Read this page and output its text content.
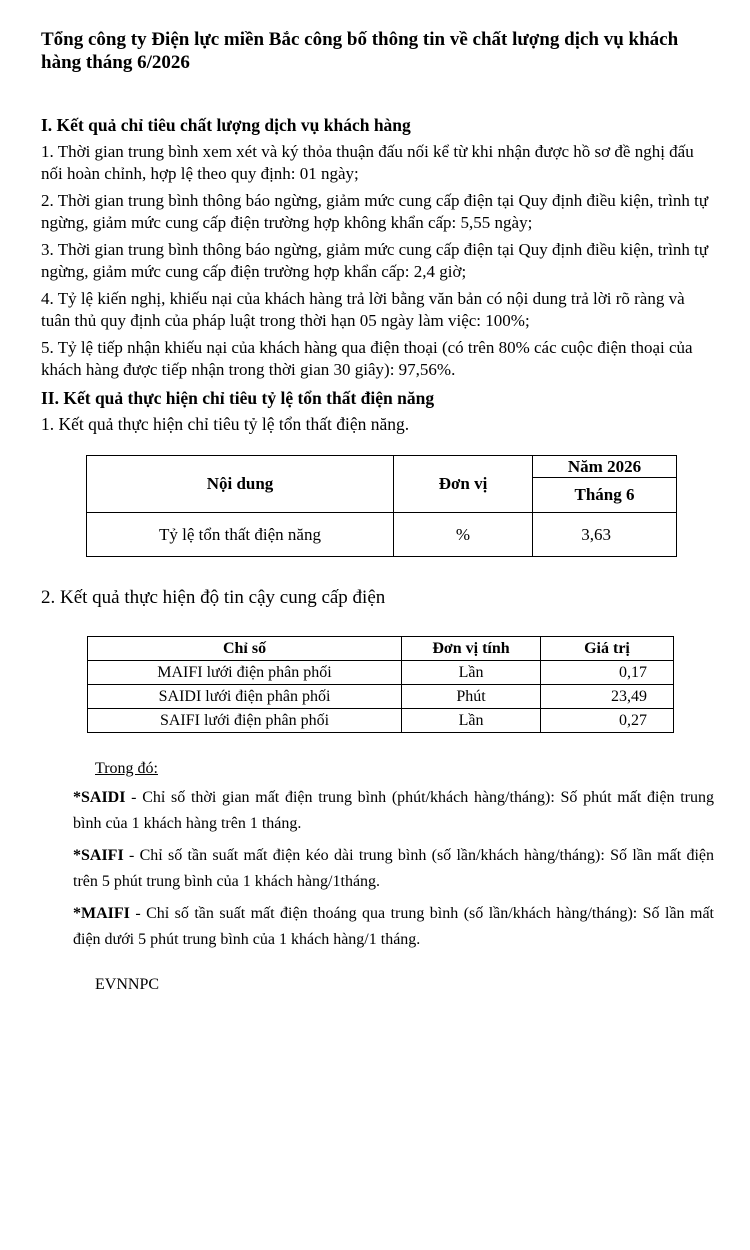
Tổng công ty Điện lực miền Bắc công bố thông tin về chất lượng dịch vụ khách hàng tháng 6/2026
I. Kết quả chỉ tiêu chất lượng dịch vụ khách hàng
1. Thời gian trung bình xem xét và ký thỏa thuận đấu nối kể từ khi nhận được hồ sơ đề nghị đấu nối hoàn chỉnh, hợp lệ theo quy định: 01 ngày;
2. Thời gian trung bình thông báo ngừng, giảm mức cung cấp điện tại Quy định điều kiện, trình tự ngừng, giảm mức cung cấp điện trường hợp không khẩn cấp: 5,55 ngày;
3. Thời gian trung bình thông báo ngừng, giảm mức cung cấp điện tại Quy định điều kiện, trình tự ngừng, giảm mức cung cấp điện trường hợp khẩn cấp: 2,4 giờ;
4. Tỷ lệ kiến nghị, khiếu nại của khách hàng trả lời bằng văn bản có nội dung trả lời rõ ràng và tuân thủ quy định của pháp luật trong thời hạn 05 ngày làm việc: 100%;
5. Tỷ lệ tiếp nhận khiếu nại của khách hàng qua điện thoại (có trên 80% các cuộc điện thoại của khách hàng được tiếp nhận trong thời gian 30 giây): 97,56%.
II. Kết quả thực hiện chỉ tiêu tỷ lệ tổn thất điện năng
1. Kết quả thực hiện chỉ tiêu tỷ lệ tổn thất điện năng.
Nội dung	Đơn vị	Năm 2026
		Tháng 6
Tỷ lệ tổn thất điện năng	%	3,63
2. Kết quả thực hiện độ tin cậy cung cấp điện
Chỉ số	Đơn vị tính	Giá trị
MAIFI lưới điện phân phối	Lần	0,17
SAIDI lưới điện phân phối	Phút	23,49
SAIFI lưới điện phân phối	Lần	0,27
Trong đó:
*SAIDI - Chỉ số thời gian mất điện trung bình (phút/khách hàng/tháng): Số phút mất điện trung bình của 1 khách hàng trên 1 tháng.
*SAIFI - Chỉ số tần suất mất điện kéo dài trung bình (số lần/khách hàng/tháng): Số lần mất điện trên 5 phút trung bình của 1 khách hàng/1tháng.
*MAIFI - Chỉ số tần suất mất điện thoáng qua trung bình (số lần/khách hàng/tháng): Số lần mất điện dưới 5 phút trung bình của 1 khách hàng/1 tháng.
EVNNPC
